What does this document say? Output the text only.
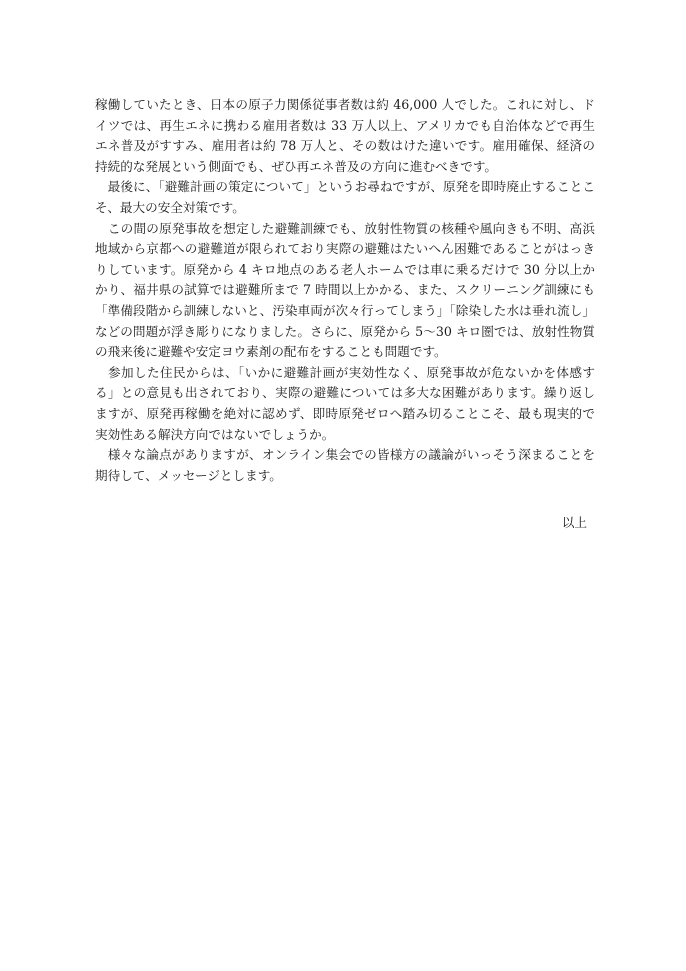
稼働していたとき、日本の原子力関係従事者数は約 46,000 人でした。これに対し、ドイツでは、再生エネに携わる雇用者数は 33 万人以上、アメリカでも自治体などで再生エネ普及がすすみ、雇用者は約 78 万人と、その数はけた違いです。雇用確保、経済の持続的な発展という側面でも、ぜひ再エネ普及の方向に進むべきです。

　最後に、「避難計画の策定について」というお尋ねですが、原発を即時廃止することこそ、最大の安全対策です。

　この間の原発事故を想定した避難訓練でも、放射性物質の核種や風向きも不明、高浜地域から京都への避難道が限られており実際の避難はたいへん困難であることがはっきりしています。原発から 4 キロ地点のある老人ホームでは車に乗るだけで 30 分以上かかり、福井県の試算では避難所まで 7 時間以上かかる、また、スクリーニング訓練にも「準備段階から訓練しないと、汚染車両が次々行ってしまう」「除染した水は垂れ流し」などの問題が浮き彫りになりました。さらに、原発から 5〜30 キロ圏では、放射性物質の飛来後に避難や安定ヨウ素剤の配布をすることも問題です。

　参加した住民からは、「いかに避難計画が実効性なく、原発事故が危ないかを体感する」との意見も出されており、実際の避難については多大な困難があります。繰り返しますが、原発再稼働を絶対に認めず、即時原発ゼロへ踏み切ることこそ、最も現実的で実効性ある解決方向ではないでしょうか。

　様々な論点がありますが、オンライン集会での皆様方の議論がいっそう深まることを期待して、メッセージとします。

以上
